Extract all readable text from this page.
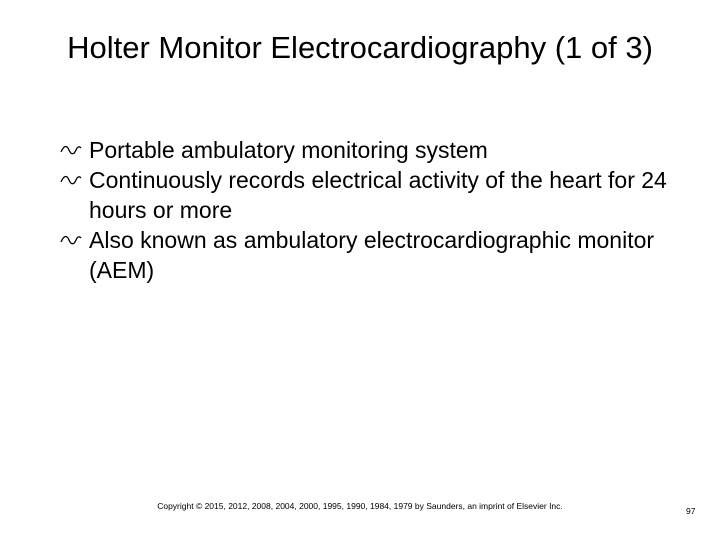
Holter Monitor Electrocardiography (1 of 3)
Portable ambulatory monitoring system
Continuously records electrical activity of the heart for 24 hours or more
Also known as ambulatory electrocardiographic monitor (AEM)
Copyright © 2015, 2012, 2008, 2004, 2000, 1995, 1990, 1984, 1979 by Saunders, an imprint of Elsevier Inc.	97
